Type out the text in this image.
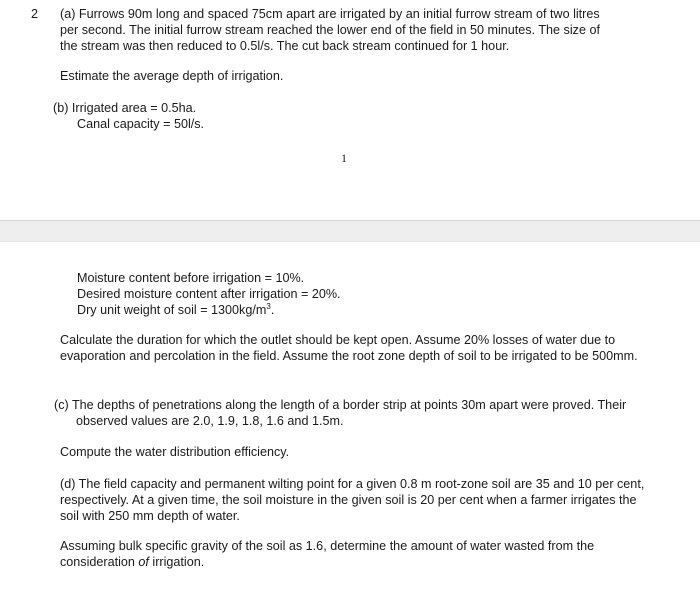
2 (a) Furrows 90m long and spaced 75cm apart are irrigated by an initial furrow stream of two litres
per second. The initial furrow stream reached the lower end of the field in 50 minutes. The size of
the stream was then reduced to 0.5l/s. The cut back stream continued for 1 hour.

Estimate the average depth of irrigation.

(b) Irrigated area = 0.5ha.
Canal capacity = 50l/s.
1
Moisture content before irrigation = 10%.
Desired moisture content after irrigation = 20%.
Dry unit weight of soil = $1300kg/m^3$.

Calculate the duration for which the outlet should be kept open. Assume 20% losses of water due to evaporation and percolation in the field. Assume the root zone depth of soil to be irrigated to be 500mm.

(c) The depths of penetrations along the length of a border strip at points 30m apart were proved. Their observed values are 2.0, 1.9, 1.8, 1.6 and 1.5m.

Compute the water distribution efficiency.

(d) The field capacity and permanent wilting point for a given 0.8 m root-zone soil are 35 and 10 per cent, respectively. At a given time, the soil moisture in the given soil is 20 per cent when a farmer irrigates the soil with 250 mm depth of water.

Assuming bulk specific gravity of the soil as 1.6, determine the amount of water wasted from the consideration of irrigation.
